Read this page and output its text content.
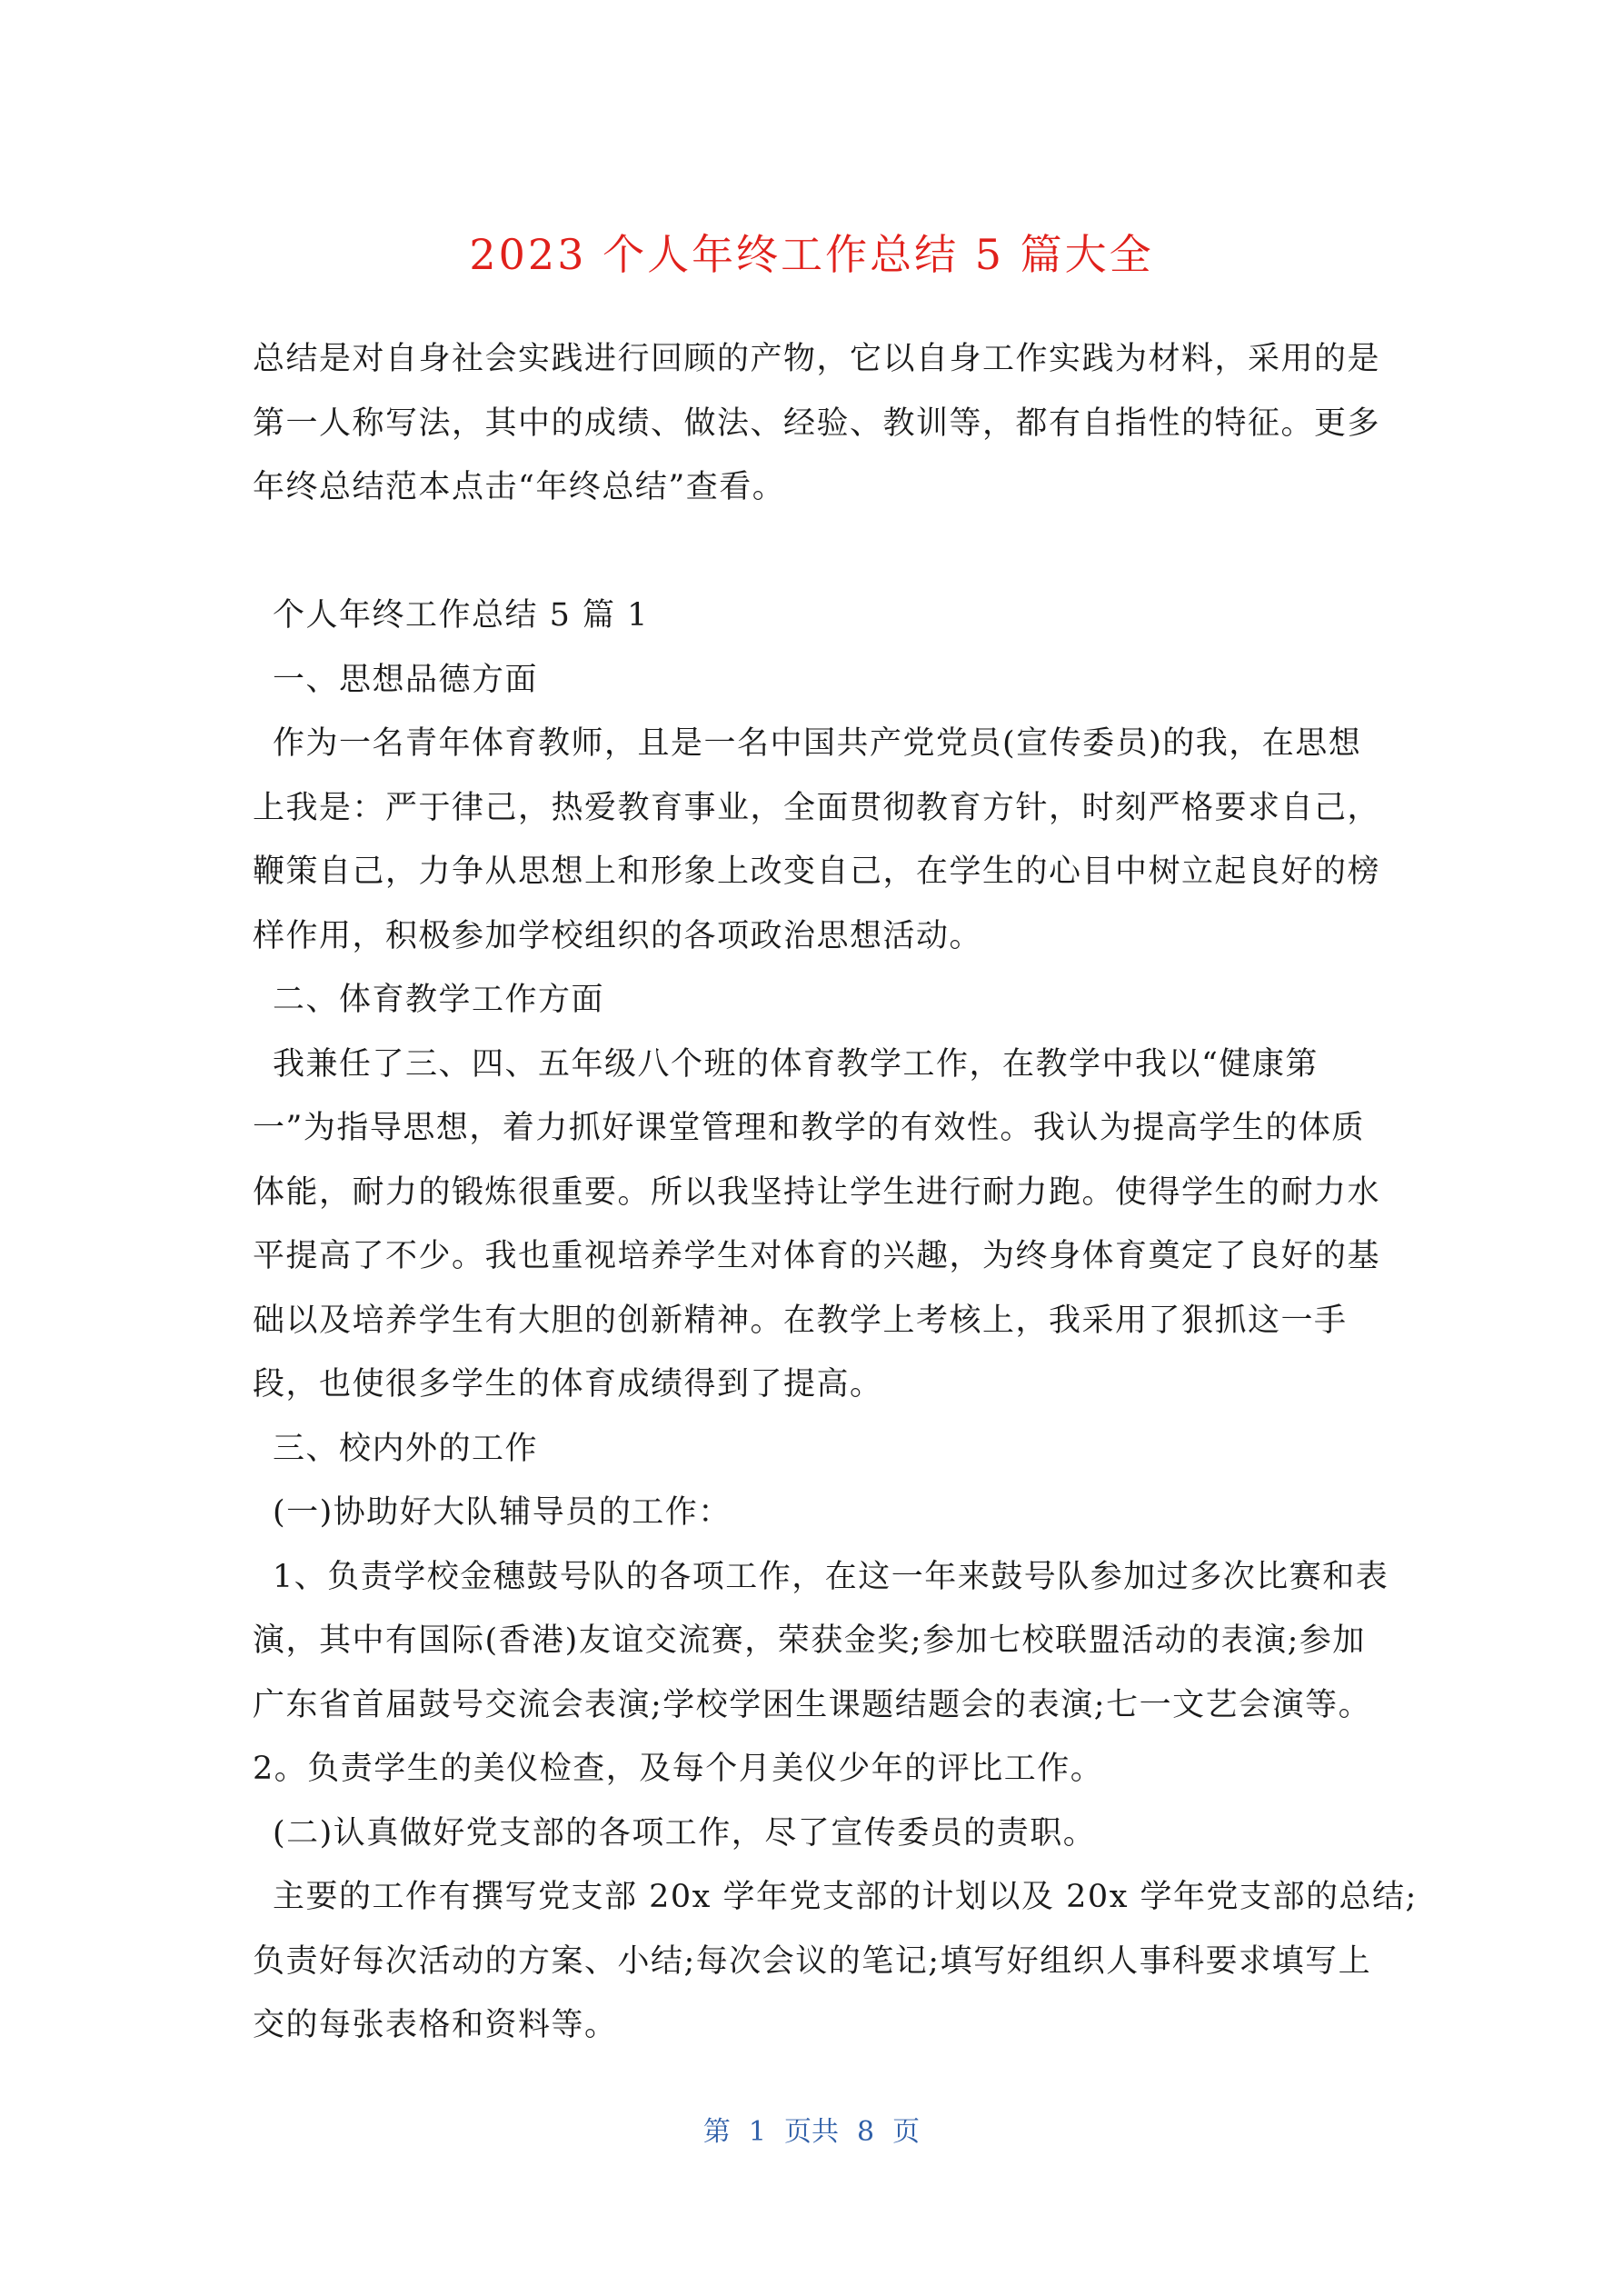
2023 个人年终工作总结 5 篇大全
总结是对自身社会实践进行回顾的产物，它以自身工作实践为材料，采用的是
第一人称写法，其中的成绩、做法、经验、教训等，都有自指性的特征。更多
年终总结范本点击“年终总结”查看。
个人年终工作总结 5 篇 1
一、思想品德方面
作为一名青年体育教师，且是一名中国共产党党员(宣传委员)的我，在思想
上我是：严于律己，热爱教育事业，全面贯彻教育方针，时刻严格要求自己，
鞭策自己，力争从思想上和形象上改变自己，在学生的心目中树立起良好的榜
样作用，积极参加学校组织的各项政治思想活动。
二、体育教学工作方面
我兼任了三、四、五年级八个班的体育教学工作，在教学中我以“健康第
一”为指导思想，着力抓好课堂管理和教学的有效性。我认为提高学生的体质
体能，耐力的锻炼很重要。所以我坚持让学生进行耐力跑。使得学生的耐力水
平提高了不少。我也重视培养学生对体育的兴趣，为终身体育奠定了良好的基
础以及培养学生有大胆的创新精神。在教学上考核上，我采用了狠抓这一手
段，也使很多学生的体育成绩得到了提高。
三、校内外的工作
(一)协助好大队辅导员的工作：
1、负责学校金穗鼓号队的各项工作，在这一年来鼓号队参加过多次比赛和表
演，其中有国际(香港)友谊交流赛，荣获金奖;参加七校联盟活动的表演;参加
广东省首届鼓号交流会表演;学校学困生课题结题会的表演;七一文艺会演等。
2。负责学生的美仪检查，及每个月美仪少年的评比工作。
(二)认真做好党支部的各项工作，尽了宣传委员的责职。
主要的工作有撰写党支部 20x 学年党支部的计划以及 20x 学年党支部的总结;
负责好每次活动的方案、小结;每次会议的笔记;填写好组织人事科要求填写上
交的每张表格和资料等。
第 1 页共 8 页
